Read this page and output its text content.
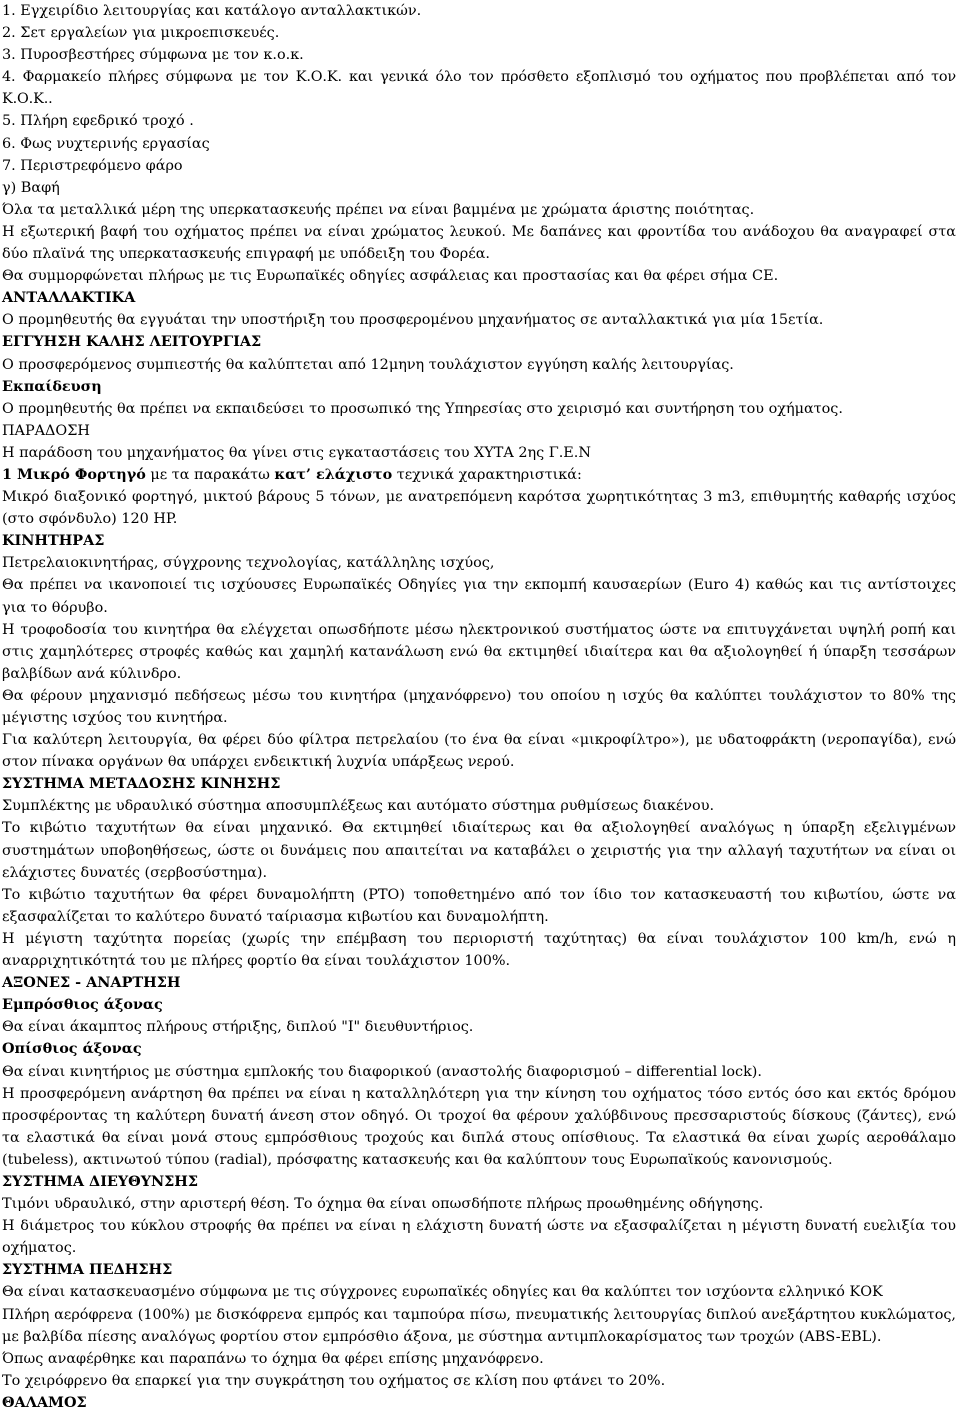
1. Εγχειρίδιο λειτουργίας και κατάλογο ανταλλακτικών.

2. Σετ εργαλείων για μικροεπισκευές.

3. Πυροσβεστήρες σύμφωνα με τον κ.ο.κ.

4. Φαρμακείο πλήρες σύμφωνα με τον Κ.Ο.Κ. και γενικά όλο τον πρόσθετο εξοπλισμό του οχήματος που προβλέπεται από τον Κ.Ο.Κ..

5. Πλήρη εφεδρικό τροχό .

6. Φως νυχτερινής εργασίας

7. Περιστρεφόμενο φάρο

γ) Βαφή

Όλα τα μεταλλικά μέρη της υπερκατασκευής πρέπει να είναι βαμμένα με χρώματα άριστης ποιότητας.

Η εξωτερική βαφή του οχήματος πρέπει να είναι χρώματος λευκού. Με δαπάνες και φροντίδα του ανάδοχου θα αναγραφεί στα δύο πλαϊνά της υπερκατασκευής επιγραφή με υπόδειξη του Φορέα.

Θα συμμορφώνεται πλήρως με τις Ευρωπαϊκές οδηγίες ασφάλειας και προστασίας και θα φέρει σήμα CE.

ΑΝΤΑΛΛΑΚΤΙΚΑ

Ο προμηθευτής θα εγγυάται την υποστήριξη του προσφερομένου μηχανήματος σε ανταλλακτικά για μία 15ετία.

ΕΓΓΥΗΣΗ ΚΑΛΗΣ ΛΕΙΤΟΥΡΓΙΑΣ

Ο προσφερόμενος συμπιεστής θα καλύπτεται από 12μηνη τουλάχιστον εγγύηση καλής λειτουργίας.

Εκπαίδευση

Ο προμηθευτής θα πρέπει να εκπαιδεύσει το προσωπικό της Υπηρεσίας στο χειρισμό και συντήρηση του οχήματος.

ΠΑΡΑΔΟΣΗ

Η παράδοση του μηχανήματος θα γίνει στις εγκαταστάσεις του ΧΥΤΑ 2ης Γ.Ε.Ν

1 Μικρό Φορτηγό με τα παρακάτω κατ’ ελάχιστο τεχνικά χαρακτηριστικά:

Μικρό διαξονικό φορτηγό, μικτού βάρους 5 τόνων, με ανατρεπόμενη καρότσα χωρητικότητας 3 m3, επιθυμητής καθαρής ισχύος (στο σφόνδυλο) 120 HP.

ΚΙΝΗΤΗΡΑΣ

Πετρελαιοκινητήρας, σύγχρονης τεχνολογίας, κατάλληλης ισχύος,

Θα πρέπει να ικανοποιεί τις ισχύουσες Ευρωπαϊκές Οδηγίες για την εκπομπή καυσαερίων (Euro 4) καθώς και τις αντίστοιχες για το θόρυβο.

Η τροφοδοσία του κινητήρα θα ελέγχεται οπωσδήποτε μέσω ηλεκτρονικού συστήματος ώστε να επιτυγχάνεται υψηλή ροπή και στις χαμηλότερες στροφές καθώς και χαμηλή κατανάλωση ενώ θα εκτιμηθεί ιδιαίτερα και θα αξιολογηθεί ή ύπαρξη τεσσάρων βαλβίδων ανά κύλινδρο.

Θα φέρουν μηχανισμό πεδήσεως μέσω του κινητήρα (μηχανόφρενο) του οποίου η ισχύς θα καλύπτει τουλάχιστον το 80% της μέγιστης ισχύος του κινητήρα.

Για καλύτερη λειτουργία, θα φέρει δύο φίλτρα πετρελαίου (το ένα θα είναι «μικροφίλτρο»), με υδατοφράκτη (νεροπαγίδα), ενώ στον πίνακα οργάνων θα υπάρχει ενδεικτική λυχνία υπάρξεως νερού.

ΣΥΣΤΗΜΑ ΜΕΤΑΔΟΣΗΣ ΚΙΝΗΣΗΣ

Συμπλέκτης με υδραυλικό σύστημα αποσυμπλέξεως και αυτόματο σύστημα ρυθμίσεως διακένου.

Το κιβώτιο ταχυτήτων θα είναι μηχανικό. Θα εκτιμηθεί ιδιαίτερως και θα αξιολογηθεί αναλόγως η ύπαρξη εξελιγμένων συστημάτων υποβοηθήσεως, ώστε οι δυνάμεις που απαιτείται να καταβάλει ο χειριστής για την αλλαγή ταχυτήτων να είναι οι ελάχιστες δυνατές (σερβοσύστημα).

Το κιβώτιο ταχυτήτων θα φέρει δυναμολήπτη (PTO) τοποθετημένο από τον ίδιο τον κατασκευαστή του κιβωτίου, ώστε να εξασφαλίζεται το καλύτερο δυνατό ταίριασμα κιβωτίου και δυναμολήπτη.

Η μέγιστη ταχύτητα πορείας (χωρίς την επέμβαση του περιοριστή ταχύτητας) θα είναι τουλάχιστον 100 km/h, ενώ η αναρριχητικότητά του με πλήρες φορτίο θα είναι τουλάχιστον 100%.

ΑΞΟΝΕΣ - ΑΝΑΡΤΗΣΗ

Εμπρόσθιος άξονας

Θα είναι άκαμπτος πλήρους στήριξης, διπλού "I" διευθυντήριος.

Οπίσθιος άξονας

Θα είναι κινητήριος με σύστημα εμπλοκής του διαφορικού (αναστολής διαφορισμού – differential lock).

Η προσφερόμενη ανάρτηση θα πρέπει να είναι η καταλληλότερη για την κίνηση του οχήματος τόσο εντός όσο και εκτός δρόμου προσφέροντας τη καλύτερη δυνατή άνεση στον οδηγό. Οι τροχοί θα φέρουν χαλύβδινους πρεσσαριστούς δίσκους (ζάντες), ενώ τα ελαστικά θα είναι μονά στους εμπρόσθιους τροχούς και διπλά στους οπίσθιους. Τα ελαστικά θα είναι χωρίς αεροθάλαμο (tubeless), ακτινωτού τύπου (radial), πρόσφατης κατασκευής και θα καλύπτουν τους Ευρωπαϊκούς κανονισμούς.

ΣΥΣΤΗΜΑ ΔΙΕΥΘΥΝΣΗΣ

Τιμόνι υδραυλικό, στην αριστερή θέση. Το όχημα θα είναι οπωσδήποτε πλήρως προωθημένης οδήγησης.

Η διάμετρος του κύκλου στροφής θα πρέπει να είναι η ελάχιστη δυνατή ώστε να εξασφαλίζεται η μέγιστη δυνατή ευελιξία του οχήματος.

ΣΥΣΤΗΜΑ ΠΕΔΗΣΗΣ

Θα είναι κατασκευασμένο σύμφωνα με τις σύγχρονες ευρωπαϊκές οδηγίες και θα καλύπτει τον ισχύοντα ελληνικό ΚΟΚ

Πλήρη αερόφρενα (100%) με δισκόφρενα εμπρός και ταμπούρα πίσω, πνευματικής λειτουργίας διπλού ανεξάρτητου κυκλώματος, με βαλβίδα πίεσης αναλόγως φορτίου στον εμπρόσθιο άξονα, με σύστημα αντιμπλοκαρίσματος των τροχών (ABS-EBL).

Όπως αναφέρθηκε και παραπάνω το όχημα θα φέρει επίσης μηχανόφρενο.

Το χειρόφρενο θα επαρκεί για την συγκράτηση του οχήματος σε κλίση που φτάνει το 20%.

ΘΑΛΑΜΟΣ
